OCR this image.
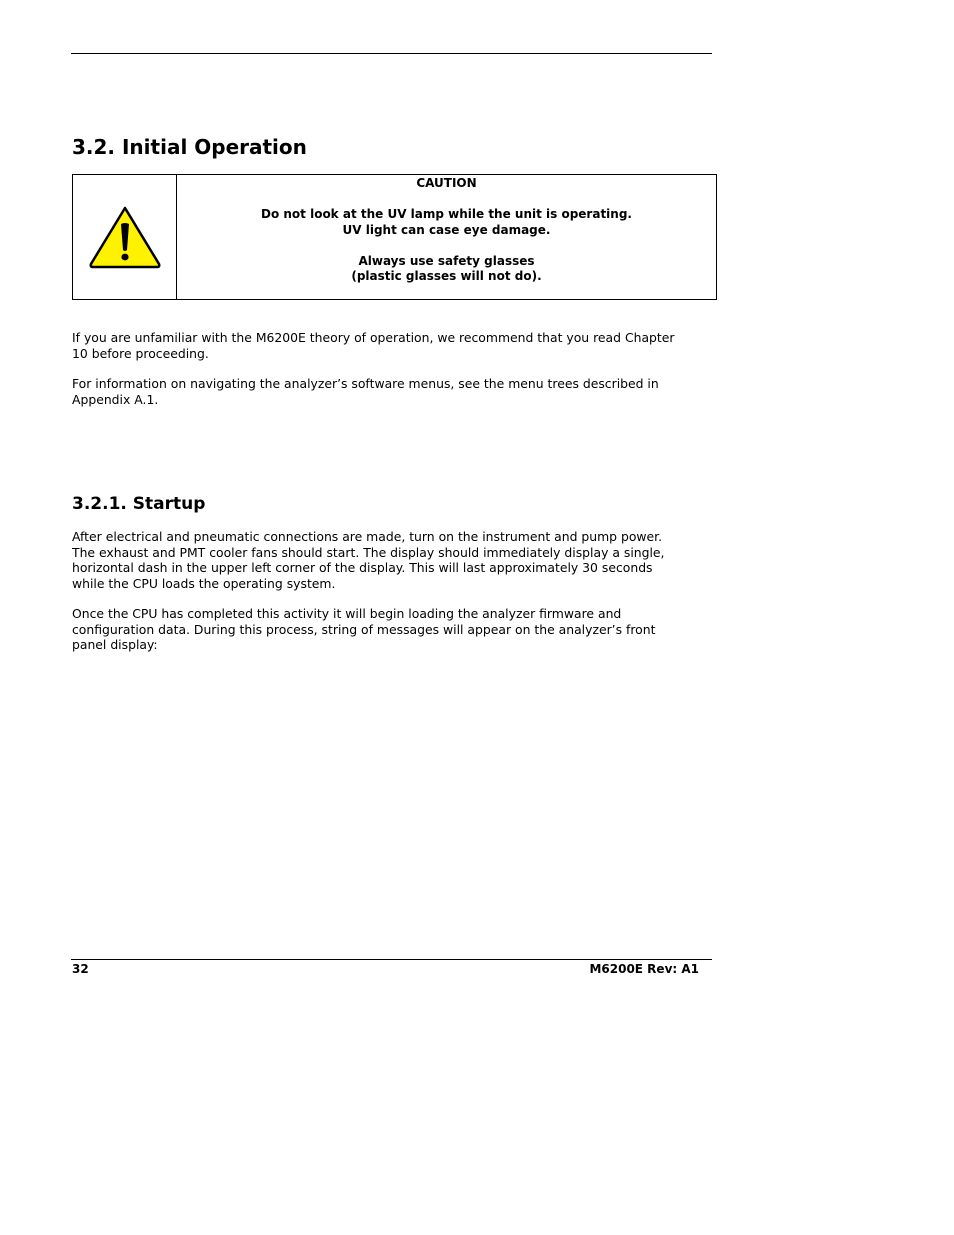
3.2. Initial Operation
CAUTION
Do not look at the UV lamp while the unit is operating.
UV light can case eye damage.
Always use safety glasses
(plastic glasses will not do).

If you are unfamiliar with the M6200E theory of operation, we recommend that you read Chapter
10 before proceeding.

For information on navigating the analyzer’s software menus, see the menu trees described in
Appendix A.1.

3.2.1. Startup

After electrical and pneumatic connections are made, turn on the instrument and pump power.
The exhaust and PMT cooler fans should start. The display should immediately display a single,
horizontal dash in the upper left corner of the display. This will last approximately 30 seconds
while the CPU loads the operating system.

Once the CPU has completed this activity it will begin loading the analyzer firmware and
configuration data. During this process, string of messages will appear on the analyzer’s front
panel display:

32	M6200E Rev: A1
